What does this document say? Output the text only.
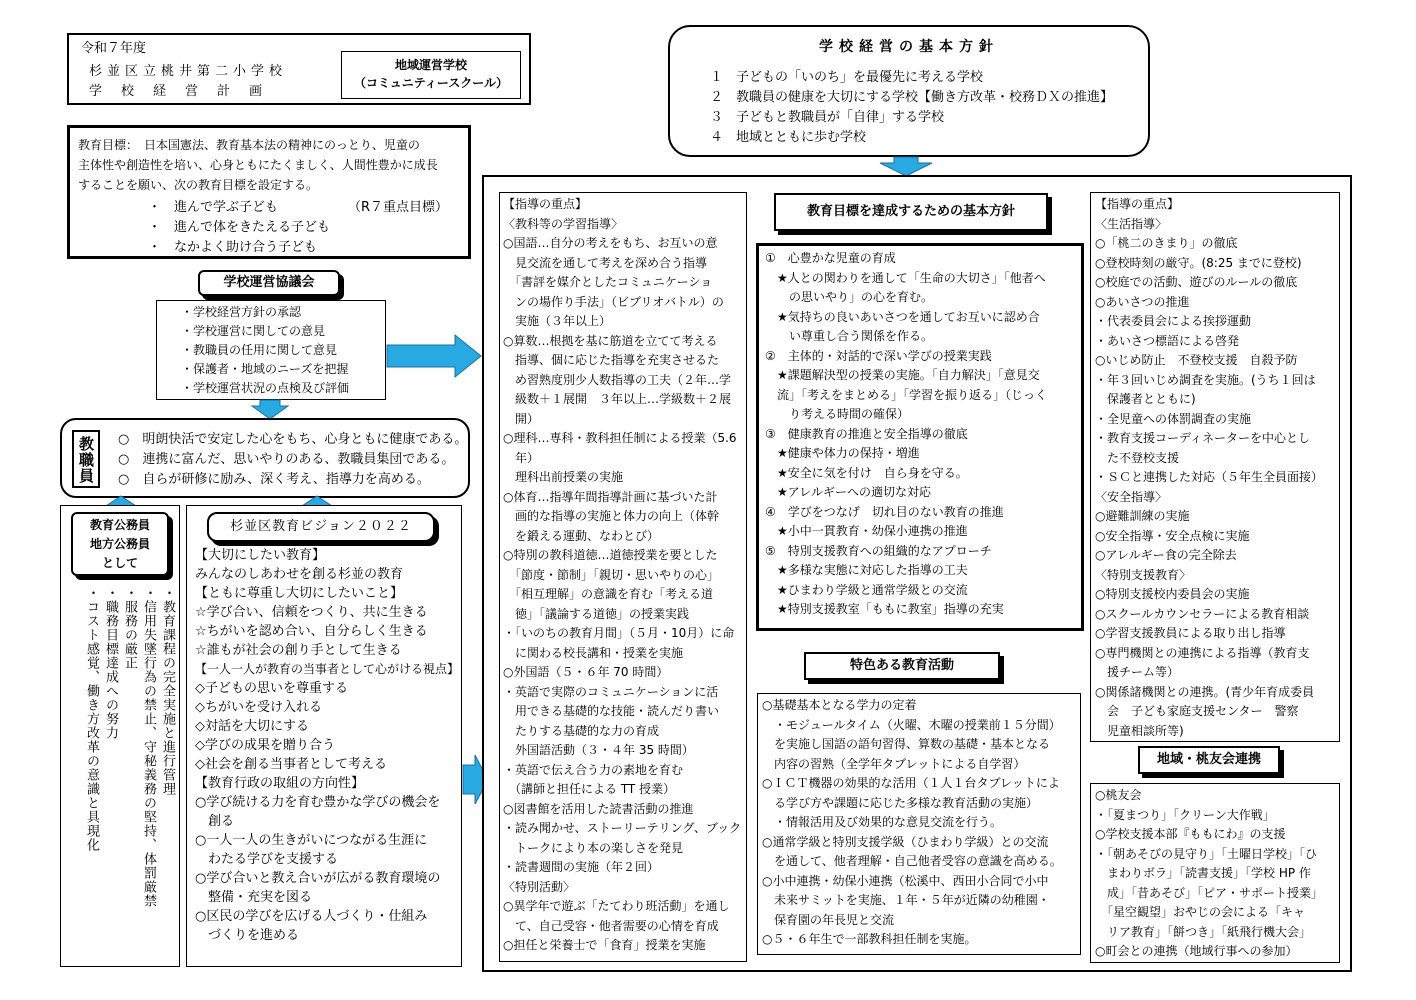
令和７年度
杉並区立桃井第二小学校
学　校　経　営　計　画
地域運営学校
（コミュニティースクール）
学校経営の基本方針
１　子どもの「いのち」を最優先に考える学校
２　教職員の健康を大切にする学校【働き方改革・校務ＤＸの推進】
３　子どもと教職員が「自律」する学校
４　地域とともに歩む学校
教育目標：　日本国憲法、教育基本法の精神にのっとり、児童の
主体性や創造性を培い、心身ともにたくましく、人間性豊かに成長
することを願い、次の教育目標を設定する。
・　進んで学ぶ子ども	（R７重点目標）
・　進んで体をきたえる子ども
・　なかよく助け合う子ども
学校運営協議会
・学校経営方針の承認
・学校運営に関しての意見
・教職員の任用に関して意見
・保護者・地域のニーズを把握
・学校運営状況の点検及び評価
教職員	○　明朗快活で安定した心をもち、心身ともに健康である。
○　連携に富んだ、思いやりのある、教職員集団である。
○　自らが研修に励み、深く考え、指導力を高める。
教育公務員
地方公務員
として
・教育課程の完全実施と進行管理
・信用失墜行為の禁止、守秘義務の堅持、体罰厳禁
・服務の厳正
・職務目標達成への努力
・コスト感覚、働き方改革の意識と具現化
杉並区教育ビジョン２０２２
【大切にしたい教育】
みんなのしあわせを創る杉並の教育
【ともに尊重し大切にしたいこと】
☆学び合い、信頼をつくり、共に生きる
☆ちがいを認め合い、自分らしく生きる
☆誰もが社会の創り手として生きる
【一人一人が教育の当事者として心がける視点】
◇子どもの思いを尊重する
◇ちがいを受け入れる
◇対話を大切にする
◇学びの成果を贈り合う
◇社会を創る当事者として考える
【教育行政の取組の方向性】
○学び続ける力を育む豊かな学びの機会を
　創る
○一人一人の生きがいにつながる生涯に
　わたる学びを支援する
○学び合いと教え合いが広がる教育環境の
　整備・充実を図る
○区民の学びを広げる人づくり・仕組み
　づくりを進める
【指導の重点】
〈教科等の学習指導〉
○国語…自分の考えをもち、お互いの意
　見交流を通して考えを深め合う指導
　「書評を媒介としたコミュニケーショ
　ンの場作り手法」（ビブリオバトル）の
　実施（３年以上）
○算数…根拠を基に筋道を立てて考える
　指導、個に応じた指導を充実させるた
　め習熟度別少人数指導の工夫（２年…学
　級数＋１展開　３年以上…学級数＋２展
　開）
○理科…専科・教科担任制による授業（5.6
　年）
　理科出前授業の実施
○体育…指導年間指導計画に基づいた計
　画的な指導の実施と体力の向上（体幹
　を鍛える運動、なわとび）
○特別の教科道徳…道徳授業を要とした
　「節度・節制」「親切・思いやりの心」
　「相互理解」の意識を育む「考える道
　徳」「議論する道徳」の授業実践
・「いのちの教育月間」（５月・10月）に命
　に関わる校長講和・授業を実施
○外国語（５・６年 70 時間）
・英語で実際のコミュニケーションに活
　用できる基礎的な技能・読んだり書い
　たりする基礎的な力の育成
　外国語活動（３・４年 35 時間）
・英語で伝え合う力の素地を育む
　（講師と担任による TT 授業）
○図書館を活用した読書活動の推進
・読み聞かせ、ストーリーテリング、ブック
　トークにより本の楽しさを発見
・読書週間の実施（年２回）
〈特別活動〉
○異学年で遊ぶ「たてわり班活動」を通し
　て、自己受容・他者需要の心情を育成
○担任と栄養士で「食育」授業を実施
教育目標を達成するための基本方針
①　心豊かな児童の育成
　★人との関わりを通して「生命の大切さ」「他者へ
　　の思いやり」の心を育む。
　★気持ちの良いあいさつを通してお互いに認め合
　　い尊重し合う関係を作る。
②　主体的・対話的で深い学びの授業実践
　★課題解決型の授業の実施。「自力解決」「意見交
　流」「考えをまとめる」「学習を振り返る」（じっく
　　り考える時間の確保）
③　健康教育の推進と安全指導の徹底
　★健康や体力の保持・増進
　★安全に気を付け　自ら身を守る。
　★アレルギーへの適切な対応
④　学びをつなげ　切れ目のない教育の推進
　★小中一貫教育・幼保小連携の推進
⑤　特別支援教育への組織的なアプローチ
　★多様な実態に対応した指導の工夫
　★ひまわり学級と通常学級との交流
　★特別支援教室「ももに教室」指導の充実
特色ある教育活動
○基礎基本となる学力の定着
　・モジュールタイム（火曜、木曜の授業前１５分間）
　を実施し国語の語句習得、算数の基礎・基本となる
　内容の習熟（全学年タブレットによる自学習）
○ＩＣＴ機器の効果的な活用（１人１台タブレットによ
　る学び方や課題に応じた多様な教育活動の実施）
　・情報活用及び効果的な意見交流を行う。
○通常学級と特別支援学級（ひまわり学級）との交流
　を通して、他者理解・自己他者受容の意識を高める。
○小中連携・幼保小連携（松溪中、西田小合同で小中
　未来サミットを実施、１年・５年が近隣の幼稚園・
　保育園の年長児と交流
○５・６年生で一部教科担任制を実施。
【指導の重点】
〈生活指導〉
○「桃二のきまり」の徹底
○登校時刻の厳守。(8:25 までに登校)
○校庭での活動、遊びのルールの徹底
○あいさつの推進
・代表委員会による挨拶運動
・あいさつ標語による啓発
○いじめ防止　不登校支援　自殺予防
・年３回いじめ調査を実施。(うち１回は
　保護者とともに)
・全児童への体罰調査の実施
・教育支援コーディネーターを中心とし
　た不登校支援
・ＳＣと連携した対応（５年生全員面接）
〈安全指導〉
○避難訓練の実施
○安全指導・安全点検に実施
○アレルギー食の完全除去
〈特別支援教育〉
○特別支援校内委員会の実施
○スクールカウンセラーによる教育相談
○学習支援教員による取り出し指導
○専門機関との連携による指導（教育支
　援チーム等）
○関係諸機関との連携。(青少年育成委員
　会　子ども家庭支援センター　警察
　児童相談所等)
地域・桃友会連携
○桃友会
・「夏まつり」「クリーン大作戦」
○学校支援本部『ももにわ』の支援
・「朝あそびの見守り」「土曜日学校」「ひ
　まわりボラ」「読書支援」「学校 HP 作
　成」「昔あそび」「ピア・サポート授業」
　「星空観望」おやじの会による「キャ
　リア教育」「餅つき」「紙飛行機大会」
○町会との連携（地域行事への参加）
